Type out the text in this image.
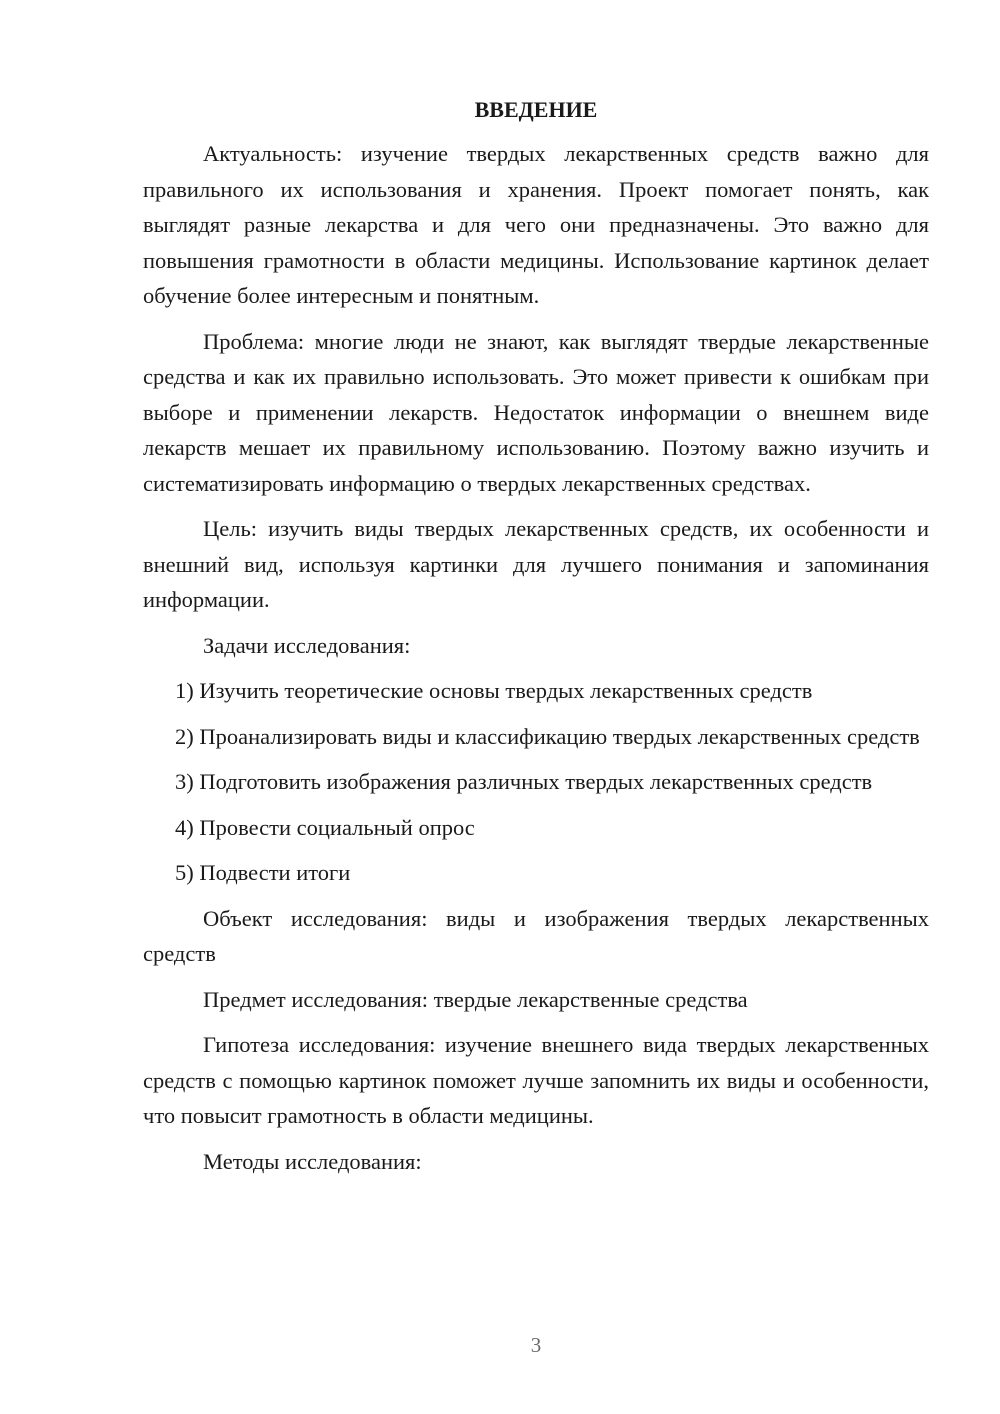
ВВЕДЕНИЕ
Актуальность: изучение твердых лекарственных средств важно для правильного их использования и хранения. Проект помогает понять, как выглядят разные лекарства и для чего они предназначены. Это важно для повышения грамотности в области медицины. Использование картинок делает обучение более интересным и понятным.
Проблема: многие люди не знают, как выглядят твердые лекарственные средства и как их правильно использовать. Это может привести к ошибкам при выборе и применении лекарств. Недостаток информации о внешнем виде лекарств мешает их правильному использованию. Поэтому важно изучить и систематизировать информацию о твердых лекарственных средствах.
Цель: изучить виды твердых лекарственных средств, их особенности и внешний вид, используя картинки для лучшего понимания и запоминания информации.
Задачи исследования:
1) Изучить теоретические основы твердых лекарственных средств
2) Проанализировать виды и классификацию твердых лекарственных средств
3) Подготовить изображения различных твердых лекарственных средств
4) Провести социальный опрос
5) Подвести итоги
Объект исследования: виды и изображения твердых лекарственных средств
Предмет исследования: твердые лекарственные средства
Гипотеза исследования: изучение внешнего вида твердых лекарственных средств с помощью картинок поможет лучше запомнить их виды и особенности, что повысит грамотность в области медицины.
Методы исследования:
3
